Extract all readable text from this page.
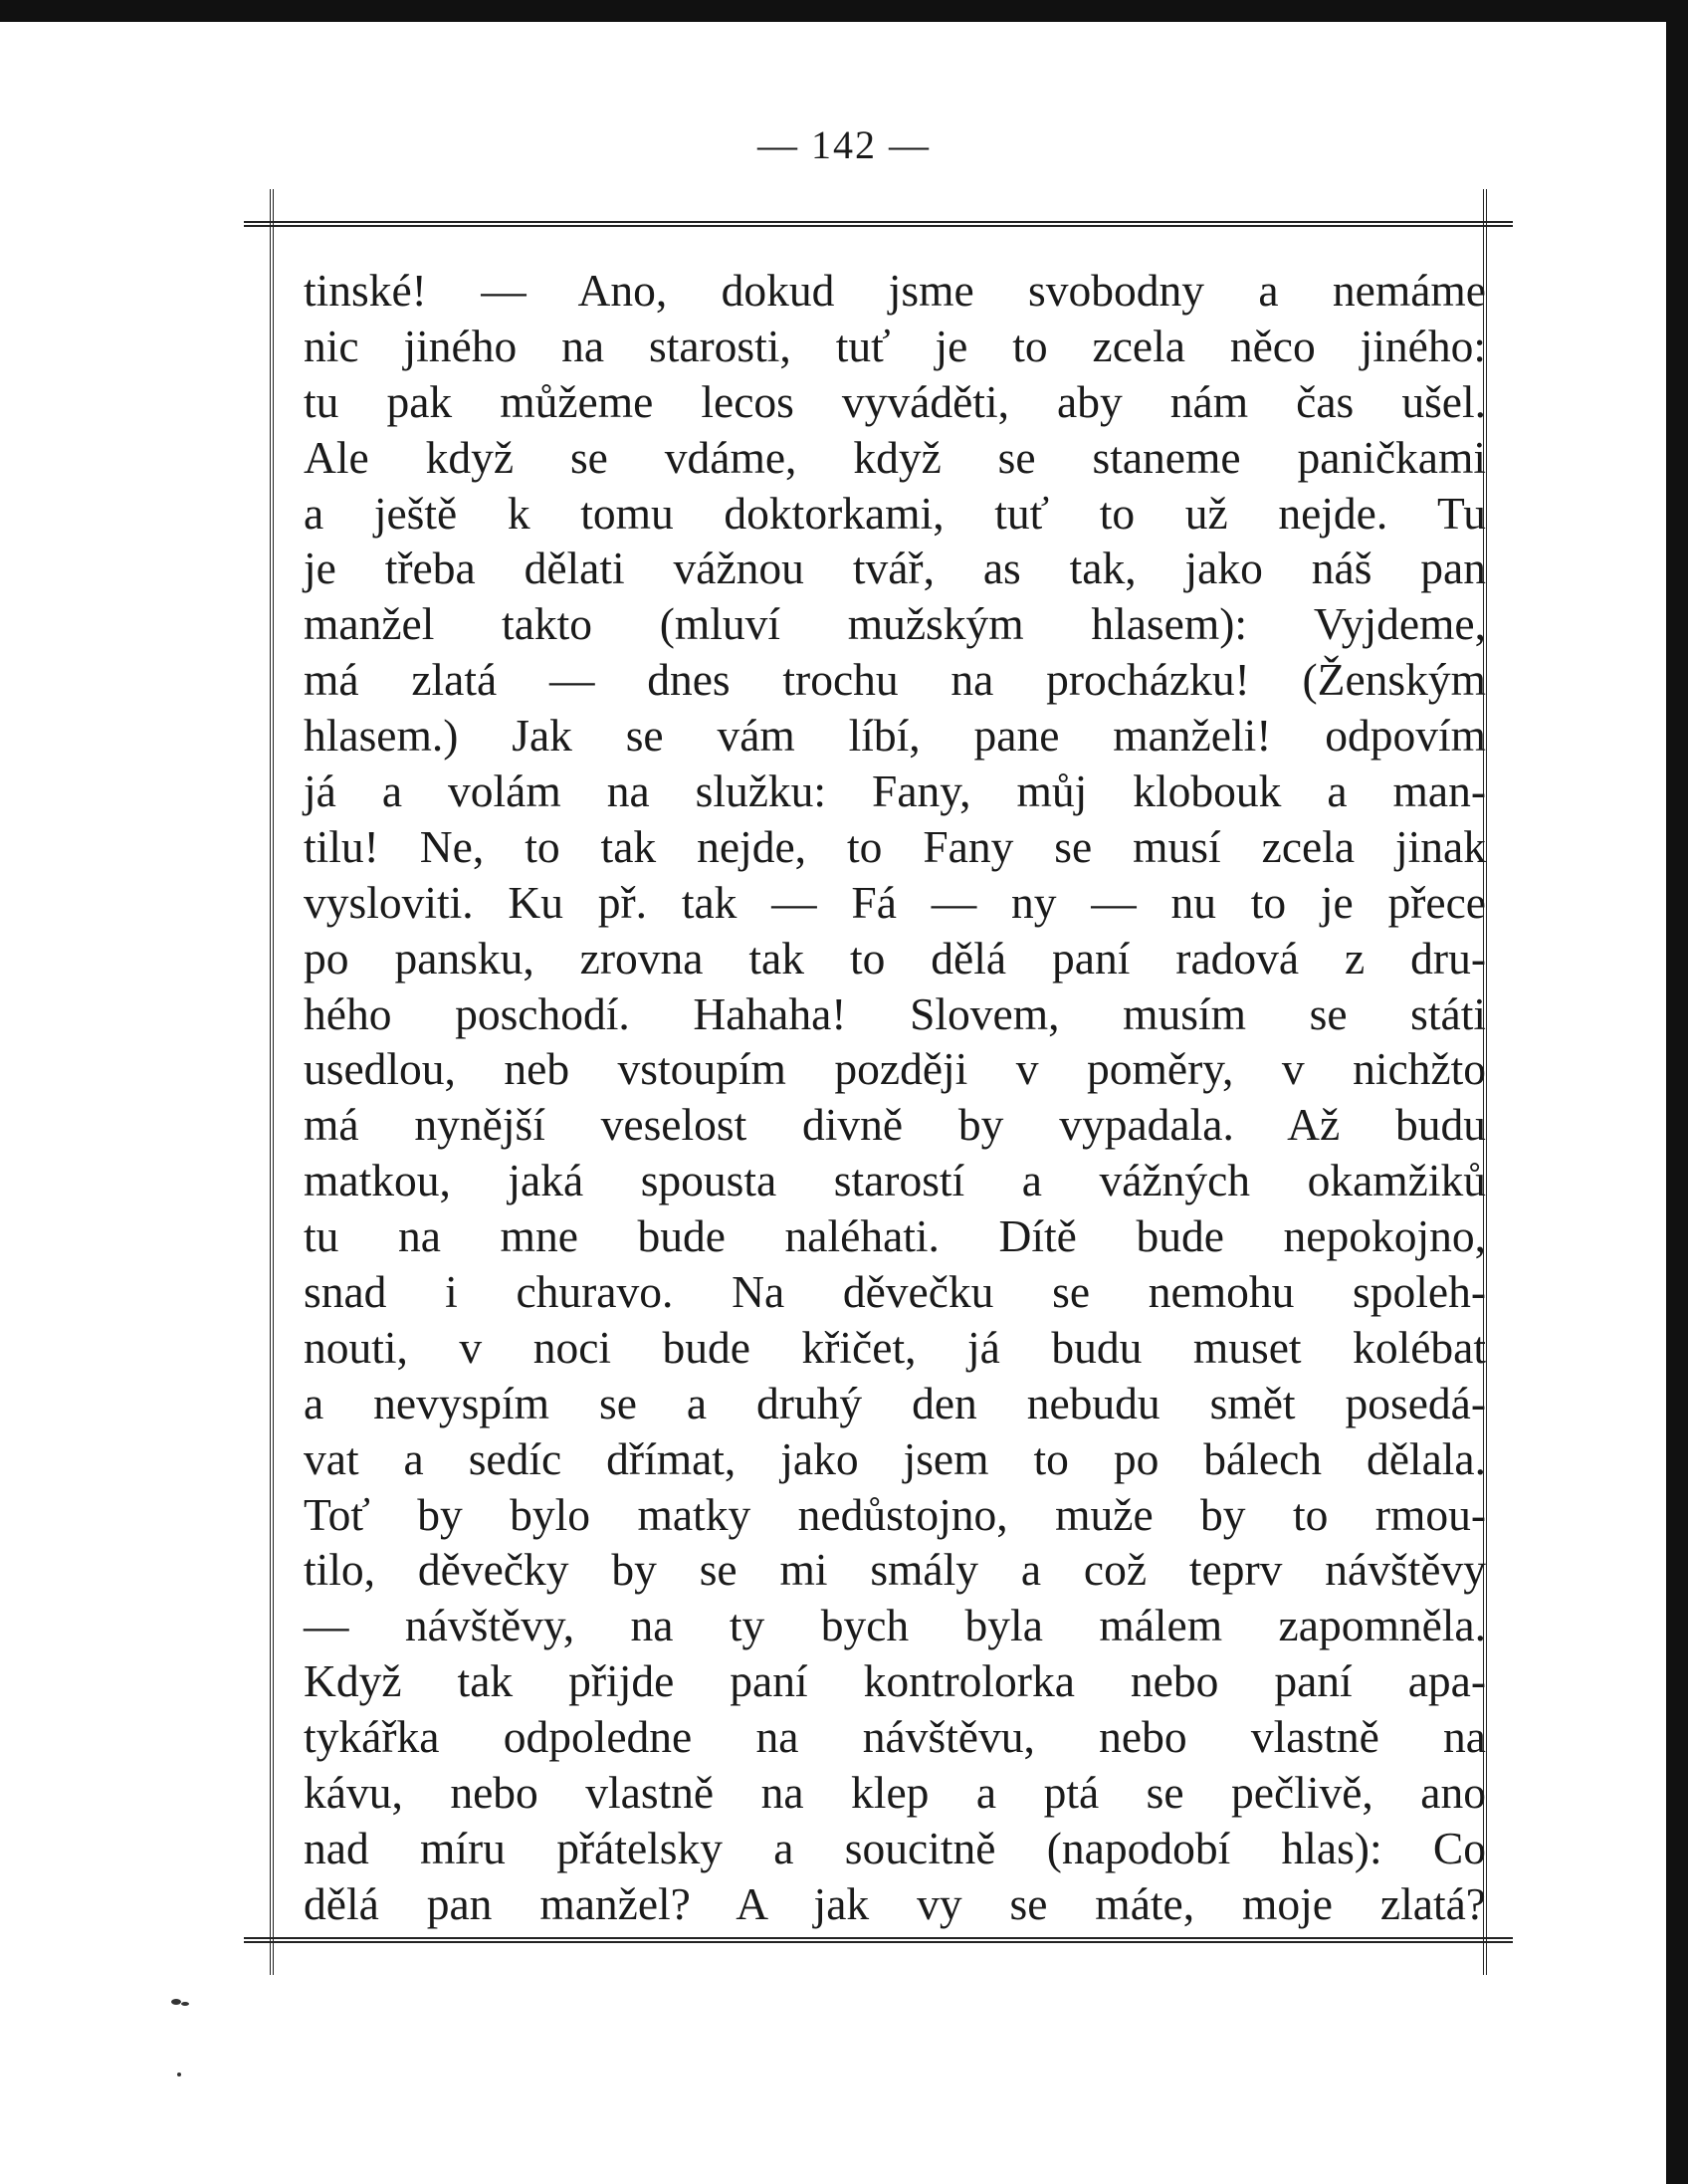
— 142 —
tinské! — Ano, dokud jsme svobodny a nemáme
nic jiného na starosti, tuť je to zcela něco jiného:
tu pak můžeme lecos vyváděti, aby nám čas ušel.
Ale když se vdáme, když se staneme paničkami
a ještě k tomu doktorkami, tuť to už nejde. Tu
je třeba dělati vážnou tvář, as tak, jako náš pan
manžel takto (mluví mužským hlasem): Vyjdeme,
má zlatá — dnes trochu na procházku! (Ženským
hlasem.) Jak se vám líbí, pane manželi! odpovím
já a volám na služku: Fany, můj klobouk a man-
tilu! Ne, to tak nejde, to Fany se musí zcela jinak
vysloviti. Ku př. tak — Fá — ny — nu to je přece
po pansku, zrovna tak to dělá paní radová z dru-
hého poschodí. Hahaha! Slovem, musím se státi
usedlou, neb vstoupím později v poměry, v nichžto
má nynější veselost divně by vypadala. Až budu
matkou, jaká spousta starostí a vážných okamžiků
tu na mne bude naléhati. Dítě bude nepokojno,
snad i churavo. Na děvečku se nemohu spoleh-
nouti, v noci bude křičet, já budu muset kolébat
a nevyspím se a druhý den nebudu smět posedá-
vat a sedíc dřímat, jako jsem to po bálech dělala.
Toť by bylo matky nedůstojno, muže by to rmou-
tilo, děvečky by se mi smály a což teprv návštěvy
— návštěvy, na ty bych byla málem zapomněla.
Když tak přijde paní kontrolorka nebo paní apa-
tykářka odpoledne na návštěvu, nebo vlastně na
kávu, nebo vlastně na klep a ptá se pečlivě, ano
nad míru přátelsky a soucitně (napodobí hlas): Co
dělá pan manžel? A jak vy se máte, moje zlatá?
